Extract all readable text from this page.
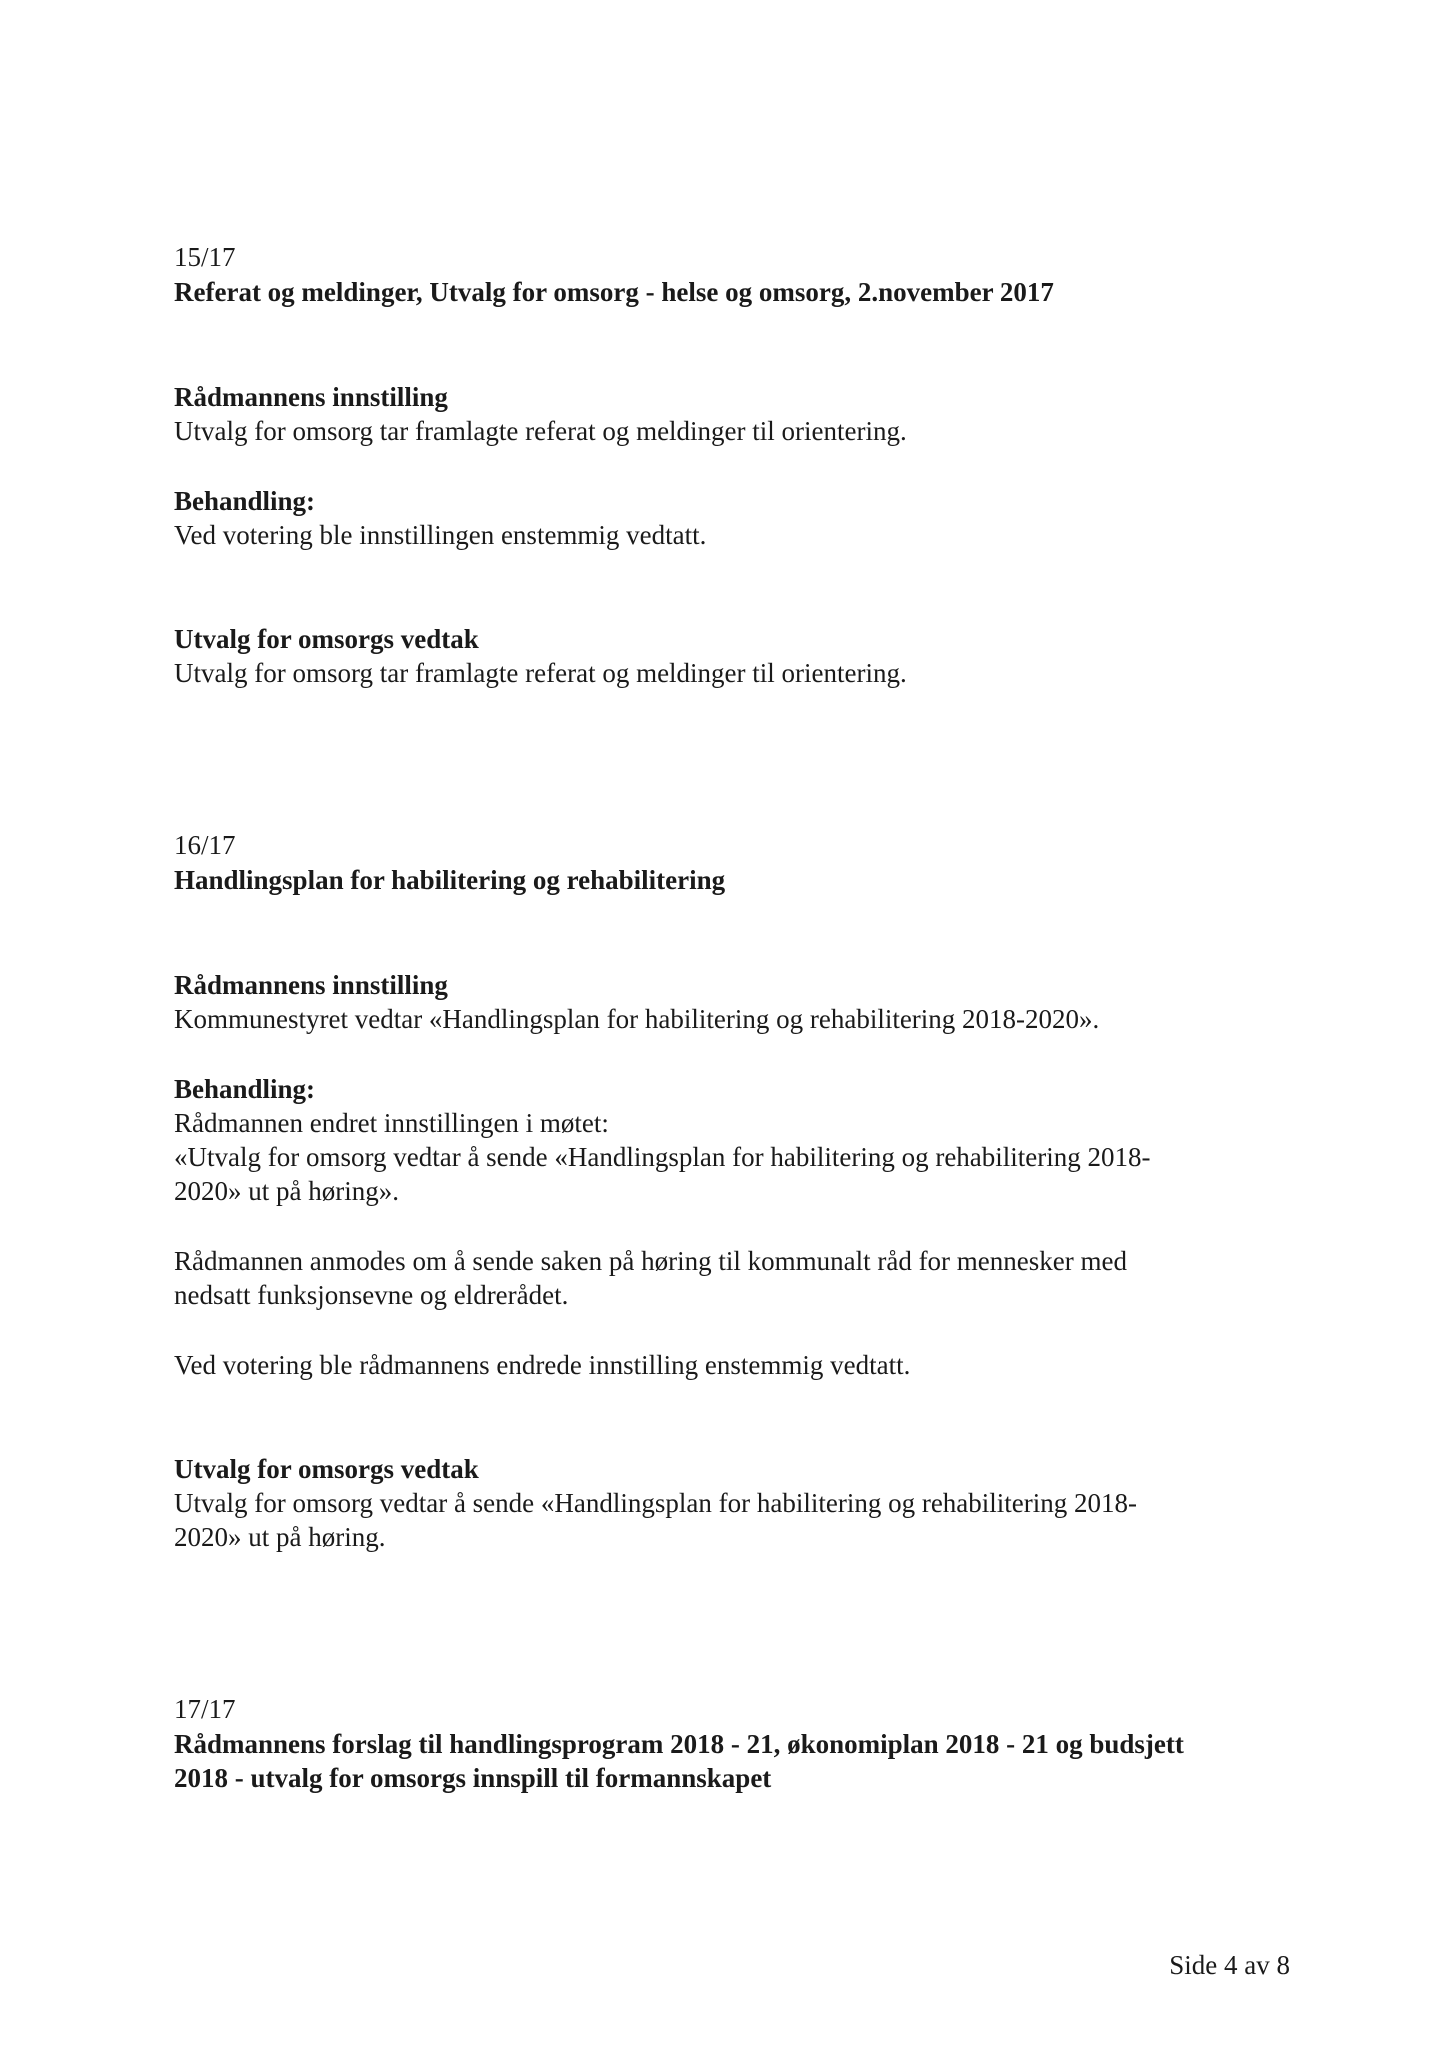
15/17
Referat og meldinger, Utvalg for omsorg - helse og omsorg, 2.november 2017
Rådmannens innstilling
Utvalg for omsorg tar framlagte referat og meldinger til orientering.
Behandling:
Ved votering ble innstillingen enstemmig vedtatt.
Utvalg for omsorgs vedtak
Utvalg for omsorg tar framlagte referat og meldinger til orientering.
16/17
Handlingsplan for habilitering og rehabilitering
Rådmannens innstilling
Kommunestyret vedtar «Handlingsplan for habilitering og rehabilitering 2018-2020».
Behandling:
Rådmannen endret innstillingen i møtet:
«Utvalg for omsorg vedtar å sende «Handlingsplan for habilitering og rehabilitering 2018-
2020» ut på høring».
Rådmannen anmodes om å sende saken på høring til kommunalt råd for mennesker med
nedsatt funksjonsevne og eldrerådet.
Ved votering ble rådmannens endrede innstilling enstemmig vedtatt.
Utvalg for omsorgs vedtak
Utvalg for omsorg vedtar å sende «Handlingsplan for habilitering og rehabilitering 2018-
2020» ut på høring.
17/17
Rådmannens forslag til handlingsprogram 2018 - 21, økonomiplan 2018 - 21 og budsjett
2018 - utvalg for omsorgs innspill til formannskapet
Side 4 av 8
